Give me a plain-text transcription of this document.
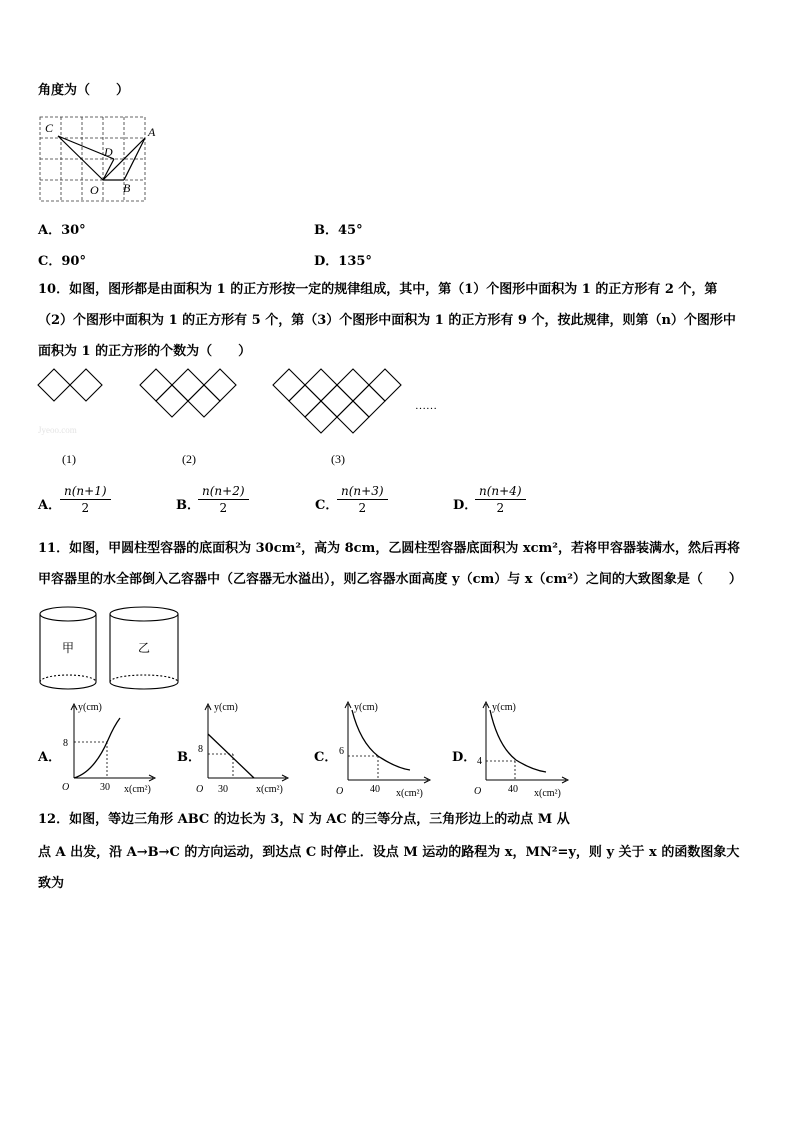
角度为（　　）
C
D
A
O B
A．30°	B．45°
C．90°	D．135°
10．如图，图形都是由面积为 1 的正方形按一定的规律组成，其中，第（1）个图形中面积为 1 的正方形有 2 个，第
（2）个图形中面积为 1 的正方形有 5 个，第（3）个图形中面积为 1 的正方形有 9 个，按此规律，则第（n）个图形中
面积为 1 的正方形的个数为（　　）
……
Jyeoo.com
(1)	(2)	(3)
A．
$\frac{n(n+1)}{2}$	B．
$\frac{n(n+2)}{2}$	C．
$\frac{n(n+3)}{2}$	D．
$\frac{n(n+4)}{2}$
11．如图，甲圆柱型容器的底面积为 30cm²，高为 8cm，乙圆柱型容器底面积为 xcm²，若将甲容器装满水，然后再将
甲容器里的水全部倒入乙容器中（乙容器无水溢出），则乙容器水面高度 y（cm）与 x（cm²）之间的大致图象是（　　）
甲	乙
A．
y(cm)
x(cm²)
O
8
30
B．
y(cm)
x(cm²)
O
8
30
C．
y(cm)
x(cm²)
O
6
40
D．
y(cm)
x(cm²)
O
4
40
12．如图，等边三角形 ABC 的边长为 3，N 为 AC 的三等分点，三角形边上的动点 M 从
点 A 出发，沿 A→B→C 的方向运动，到达点 C 时停止．设点 M 运动的路程为 x，MN²=y，则 y 关于 x 的函数图象大
致为
